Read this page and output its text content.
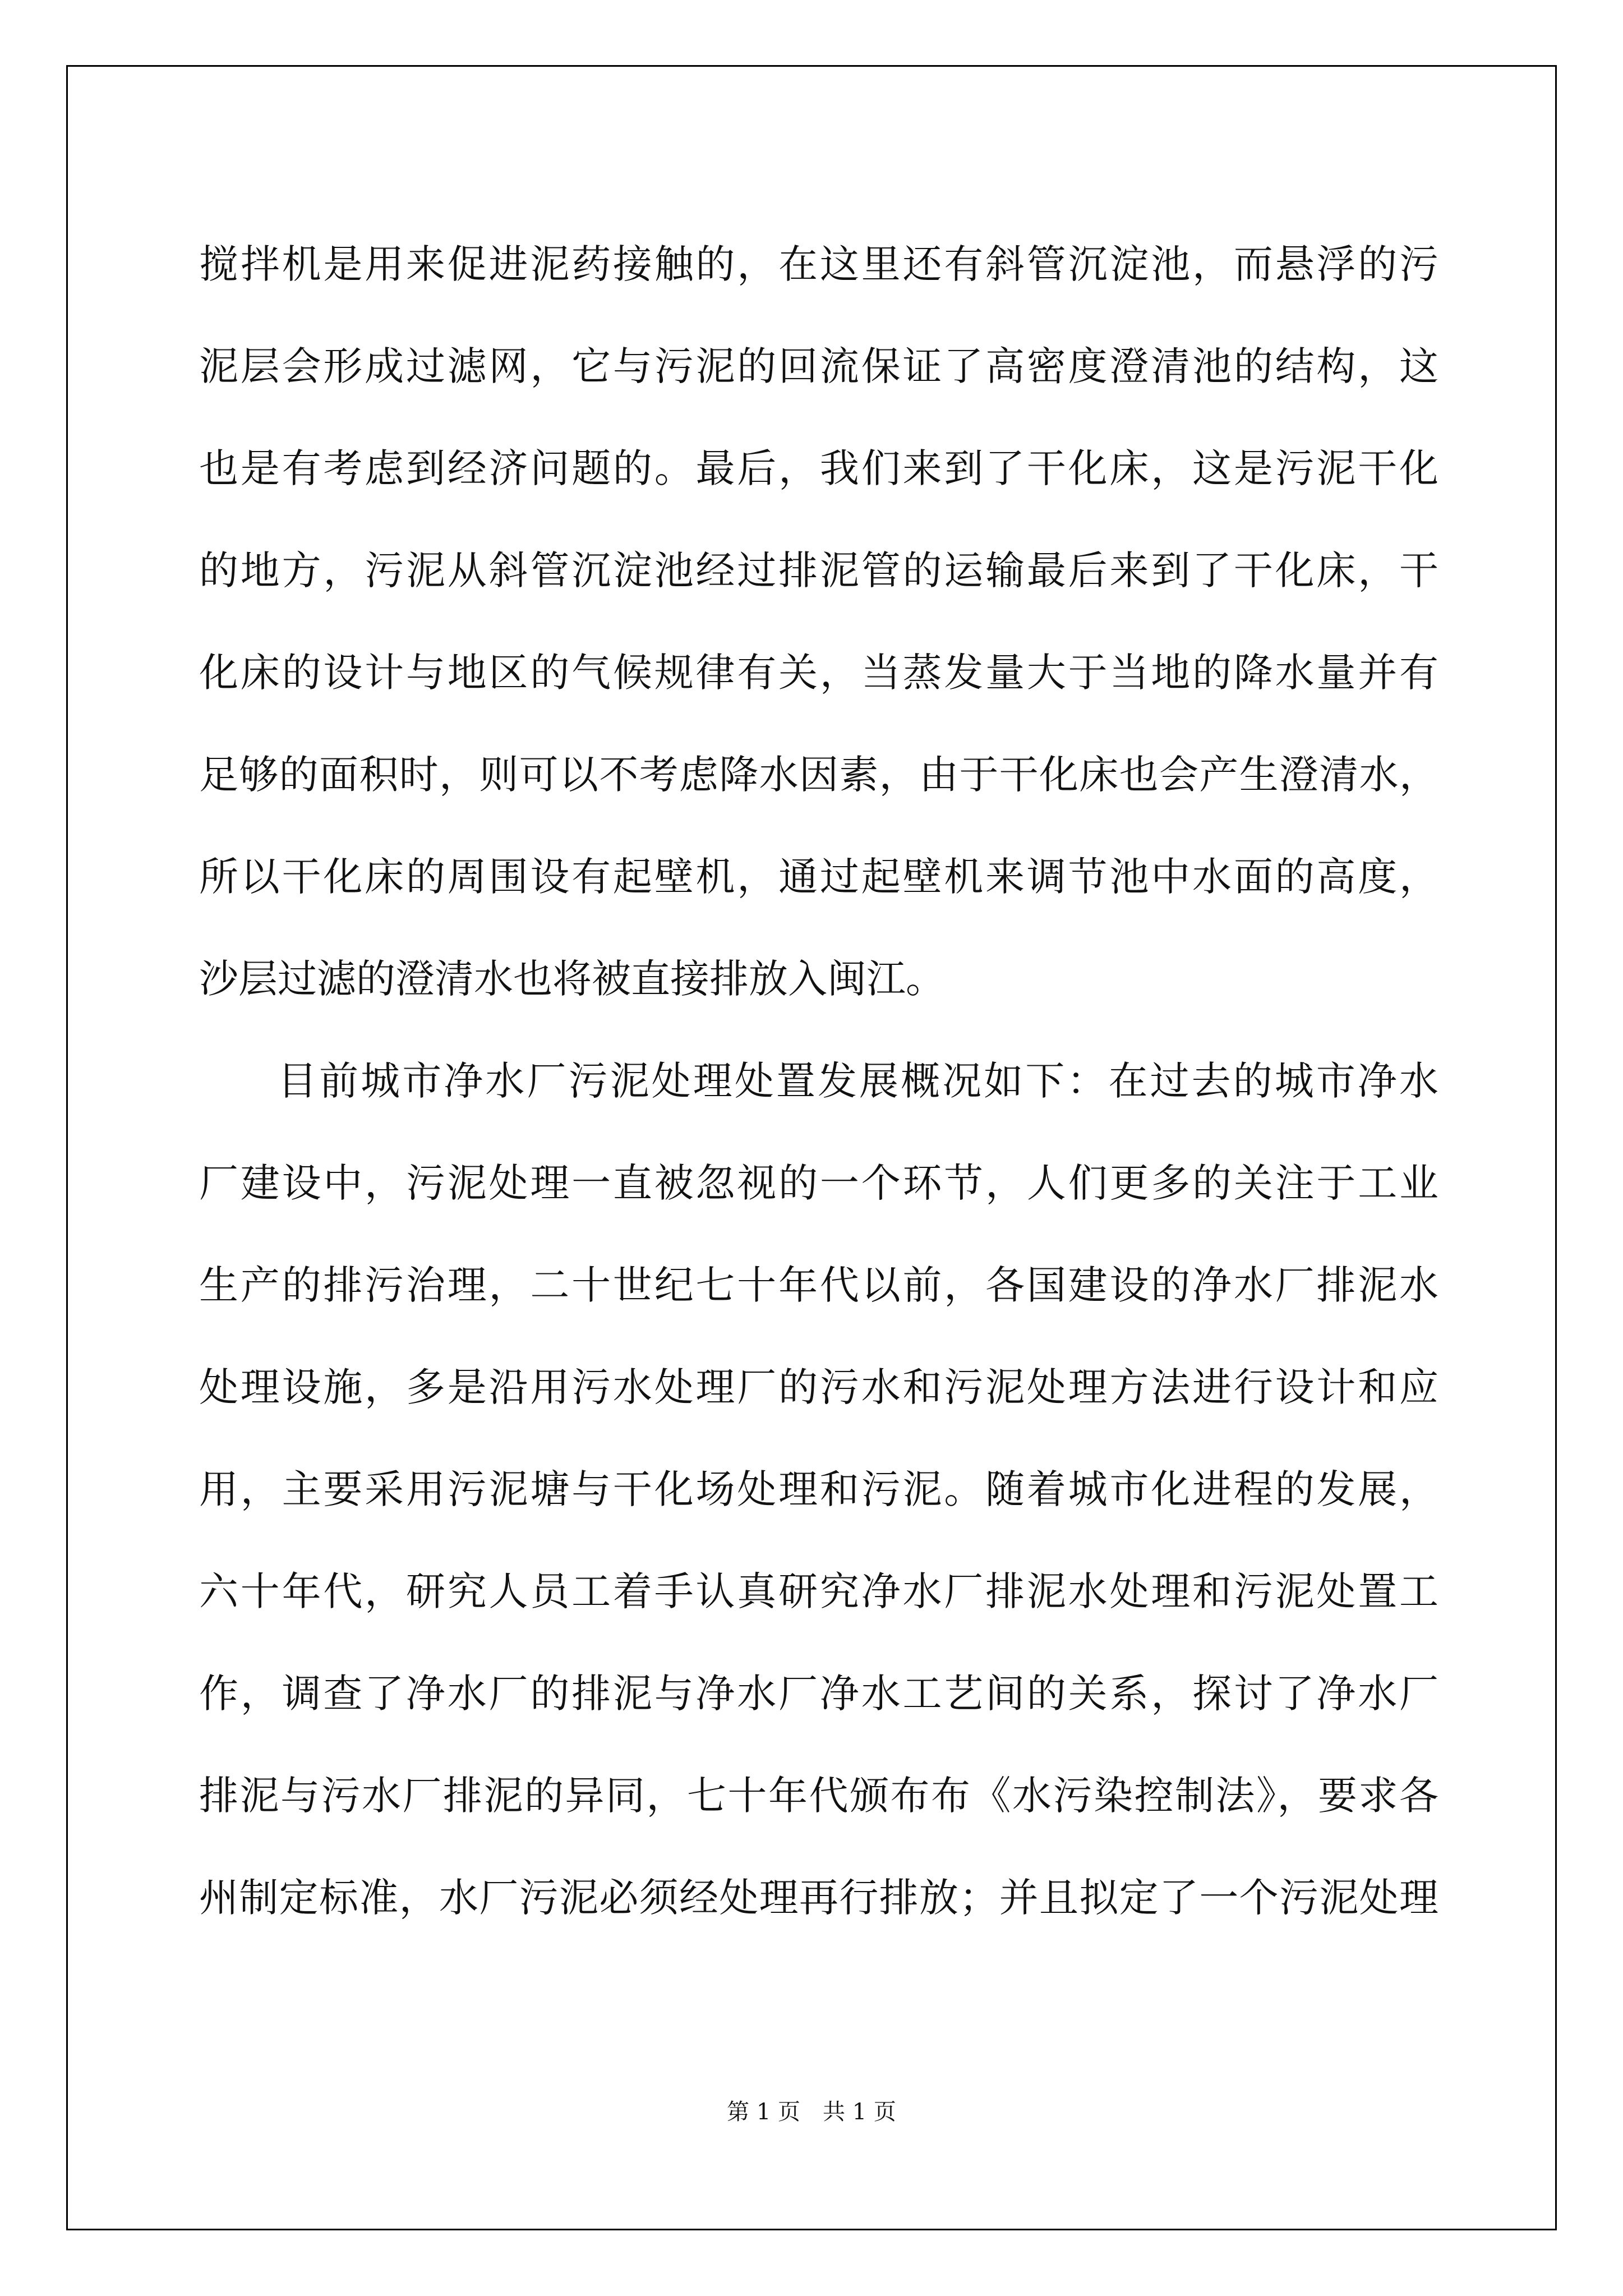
搅拌机是用来促进泥药接触的，在这里还有斜管沉淀池，而悬浮的污
泥层会形成过滤网，它与污泥的回流保证了高密度澄清池的结构，这
也是有考虑到经济问题的。最后，我们来到了干化床，这是污泥干化
的地方，污泥从斜管沉淀池经过排泥管的运输最后来到了干化床，干
化床的设计与地区的气候规律有关，当蒸发量大于当地的降水量并有
足够的面积时，则可以不考虑降水因素，由于干化床也会产生澄清水，
所以干化床的周围设有起壁机，通过起壁机来调节池中水面的高度，
沙层过滤的澄清水也将被直接排放入闽江。
目前城市净水厂污泥处理处置发展概况如下：在过去的城市净水
厂建设中，污泥处理一直被忽视的一个环节，人们更多的关注于工业
生产的排污治理，二十世纪七十年代以前，各国建设的净水厂排泥水
处理设施，多是沿用污水处理厂的污水和污泥处理方法进行设计和应
用，主要采用污泥塘与干化场处理和污泥。随着城市化进程的发展，
六十年代，研究人员工着手认真研究净水厂排泥水处理和污泥处置工
作，调查了净水厂的排泥与净水厂净水工艺间的关系，探讨了净水厂
排泥与污水厂排泥的异同，七十年代颁布布《水污染控制法》，要求各
州制定标准，水厂污泥必须经处理再行排放；并且拟定了一个污泥处理
第 1 页　共 1 页
